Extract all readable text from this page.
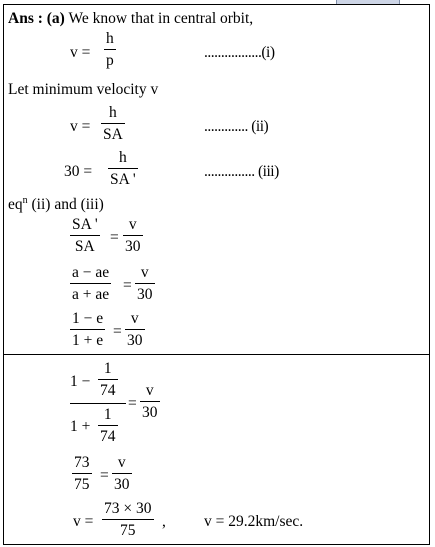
Ans : (a) We know that in central orbit,
v =
h
p	.................(i)
Let minimum velocity v
v =
h
SA	............. (ii)
30 =
h
SA '	............... (iii)
$eq^n$ (ii) and (iii)
SA '
SA
=
v
30
a − ae
a + ae
=
v
30
1 − e
1 + e
=
v
30
1 −
1
74
1 +
1
74
=
v
30
73
75
=
v
30
v =
73 × 30
75
, v = 29.2km/sec.
